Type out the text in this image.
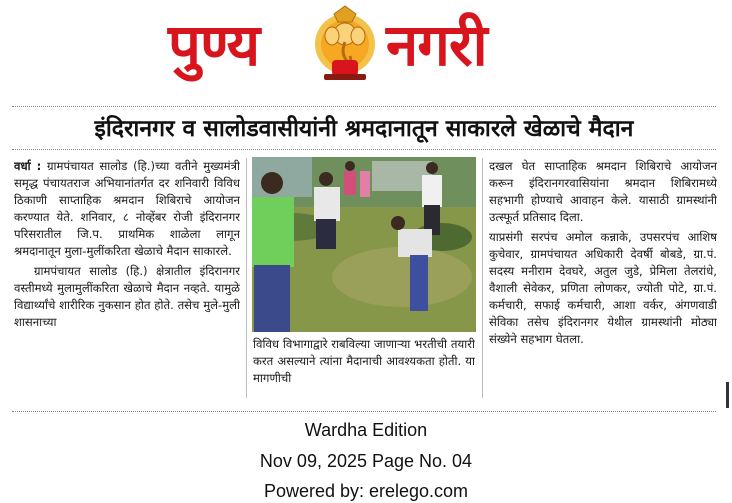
पुण्य नगरी
इंदिरानगर व सालोडवासीयांनी श्रमदानातून साकारले खेळाचे मैदान

वर्धा : ग्रामपंचायत सालोड (हि.)च्या वतीने मुख्यमंत्री समृद्ध पंचायतराज अभियानांतर्गत दर शनिवारी विविध ठिकाणी साप्ताहिक श्रमदान शिबिराचे आयोजन करण्यात येते. शनिवार, ८ नोव्हेंबर रोजी इंदिरानगर परिसरातील जि.प. प्राथमिक शाळेला लागून श्रमदानातून मुला-मुलींकरिता खेळाचे मैदान साकारले.

ग्रामपंचायत सालोड (हि.) क्षेत्रातील इंदिरानगर वस्तीमध्ये मुलामुलींकरिता खेळाचे मैदान नव्हते. यामुळे विद्यार्थ्यांचे शारीरिक नुकसान होत होते. तसेच मुले-मुली शासनाच्या

विविध विभागाद्वारे राबविल्या जाणाऱ्या भरतीची तयारी करत असल्याने त्यांना मैदानाची आवश्यकता होती. या मागणीची

दखल घेत साप्ताहिक श्रमदान शिबिराचे आयोजन करून इंदिरानगरवासियांना श्रमदान शिबिरामध्ये सहभागी होण्याचे आवाहन केले. यासाठी ग्रामस्थांनी उत्स्फूर्त प्रतिसाद दिला.

याप्रसंगी सरपंच अमोल कन्नाके, उपसरपंच आशिष कुचेवार, ग्रामपंचायत अधिकारी देवर्षी बोबडे, ग्रा.पं. सदस्य मनीराम देवघरे, अतुल जुडे, प्रेमिला तेलरांधे, वैशाली सेवेकर, प्रणिता लोणकर, ज्योती पोटे, ग्रा.पं. कर्मचारी, सफाई कर्मचारी, आशा वर्कर, अंगणवाडी सेविका तसेच इंदिरानगर येथील ग्रामस्थांनी मोठ्या संख्येने सहभाग घेतला.

Wardha Edition
Nov 09, 2025 Page No. 04
Powered by: erelego.com
